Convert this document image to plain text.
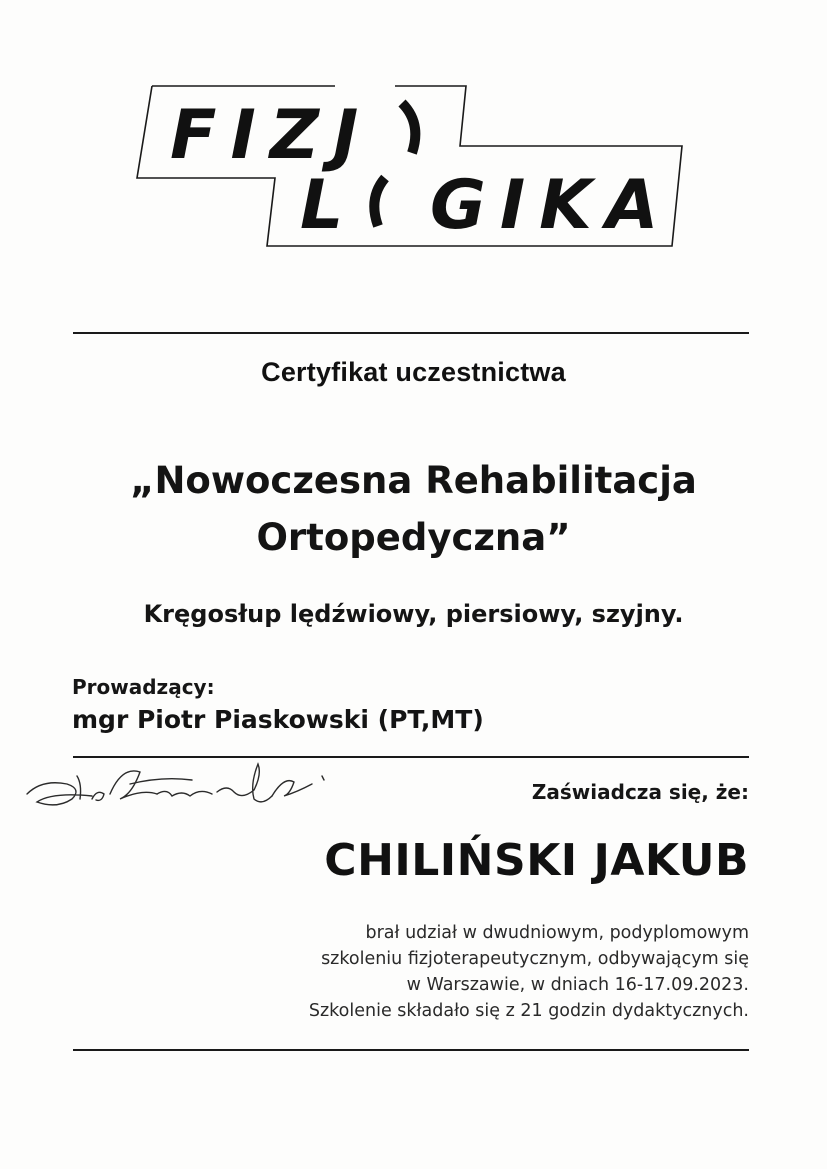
FIZJ
L GIKA
Certyfikat uczestnictwa
„Nowoczesna Rehabilitacja
Ortopedyczna”
Kręgosłup lędźwiowy, piersiowy, szyjny.
Prowadzący:
mgr Piotr Piaskowski (PT,MT)
Zaświadcza się, że:
CHILIŃSKI JAKUB
brał udział w dwudniowym, podyplomowym
szkoleniu fizjoterapeutycznym, odbywającym się
w Warszawie, w dniach 16-17.09.2023.
Szkolenie składało się z 21 godzin dydaktycznych.
